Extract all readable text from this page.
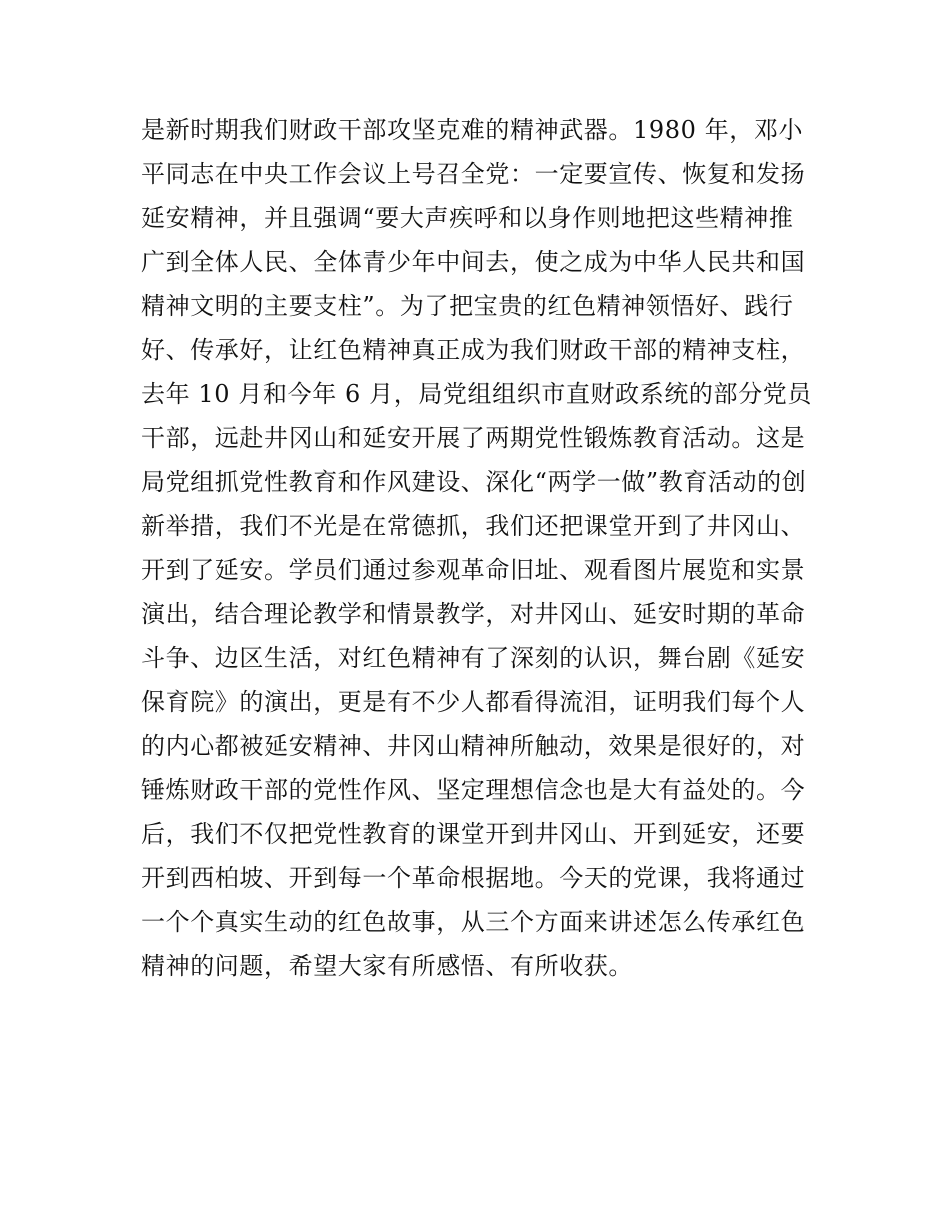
是新时期我们财政干部攻坚克难的精神武器。1980 年，邓小
平同志在中央工作会议上号召全党：一定要宣传、恢复和发扬
延安精神，并且强调“要大声疾呼和以身作则地把这些精神推
广到全体人民、全体青少年中间去，使之成为中华人民共和国
精神文明的主要支柱”。为了把宝贵的红色精神领悟好、践行
好、传承好，让红色精神真正成为我们财政干部的精神支柱，
去年 10 月和今年 6 月，局党组组织市直财政系统的部分党员
干部，远赴井冈山和延安开展了两期党性锻炼教育活动。这是
局党组抓党性教育和作风建设、深化“两学一做”教育活动的创
新举措，我们不光是在常德抓，我们还把课堂开到了井冈山、
开到了延安。学员们通过参观革命旧址、观看图片展览和实景
演出，结合理论教学和情景教学，对井冈山、延安时期的革命
斗争、边区生活，对红色精神有了深刻的认识，舞台剧《延安
保育院》的演出，更是有不少人都看得流泪，证明我们每个人
的内心都被延安精神、井冈山精神所触动，效果是很好的，对
锤炼财政干部的党性作风、坚定理想信念也是大有益处的。今
后，我们不仅把党性教育的课堂开到井冈山、开到延安，还要
开到西柏坡、开到每一个革命根据地。今天的党课，我将通过
一个个真实生动的红色故事，从三个方面来讲述怎么传承红色
精神的问题，希望大家有所感悟、有所收获。
